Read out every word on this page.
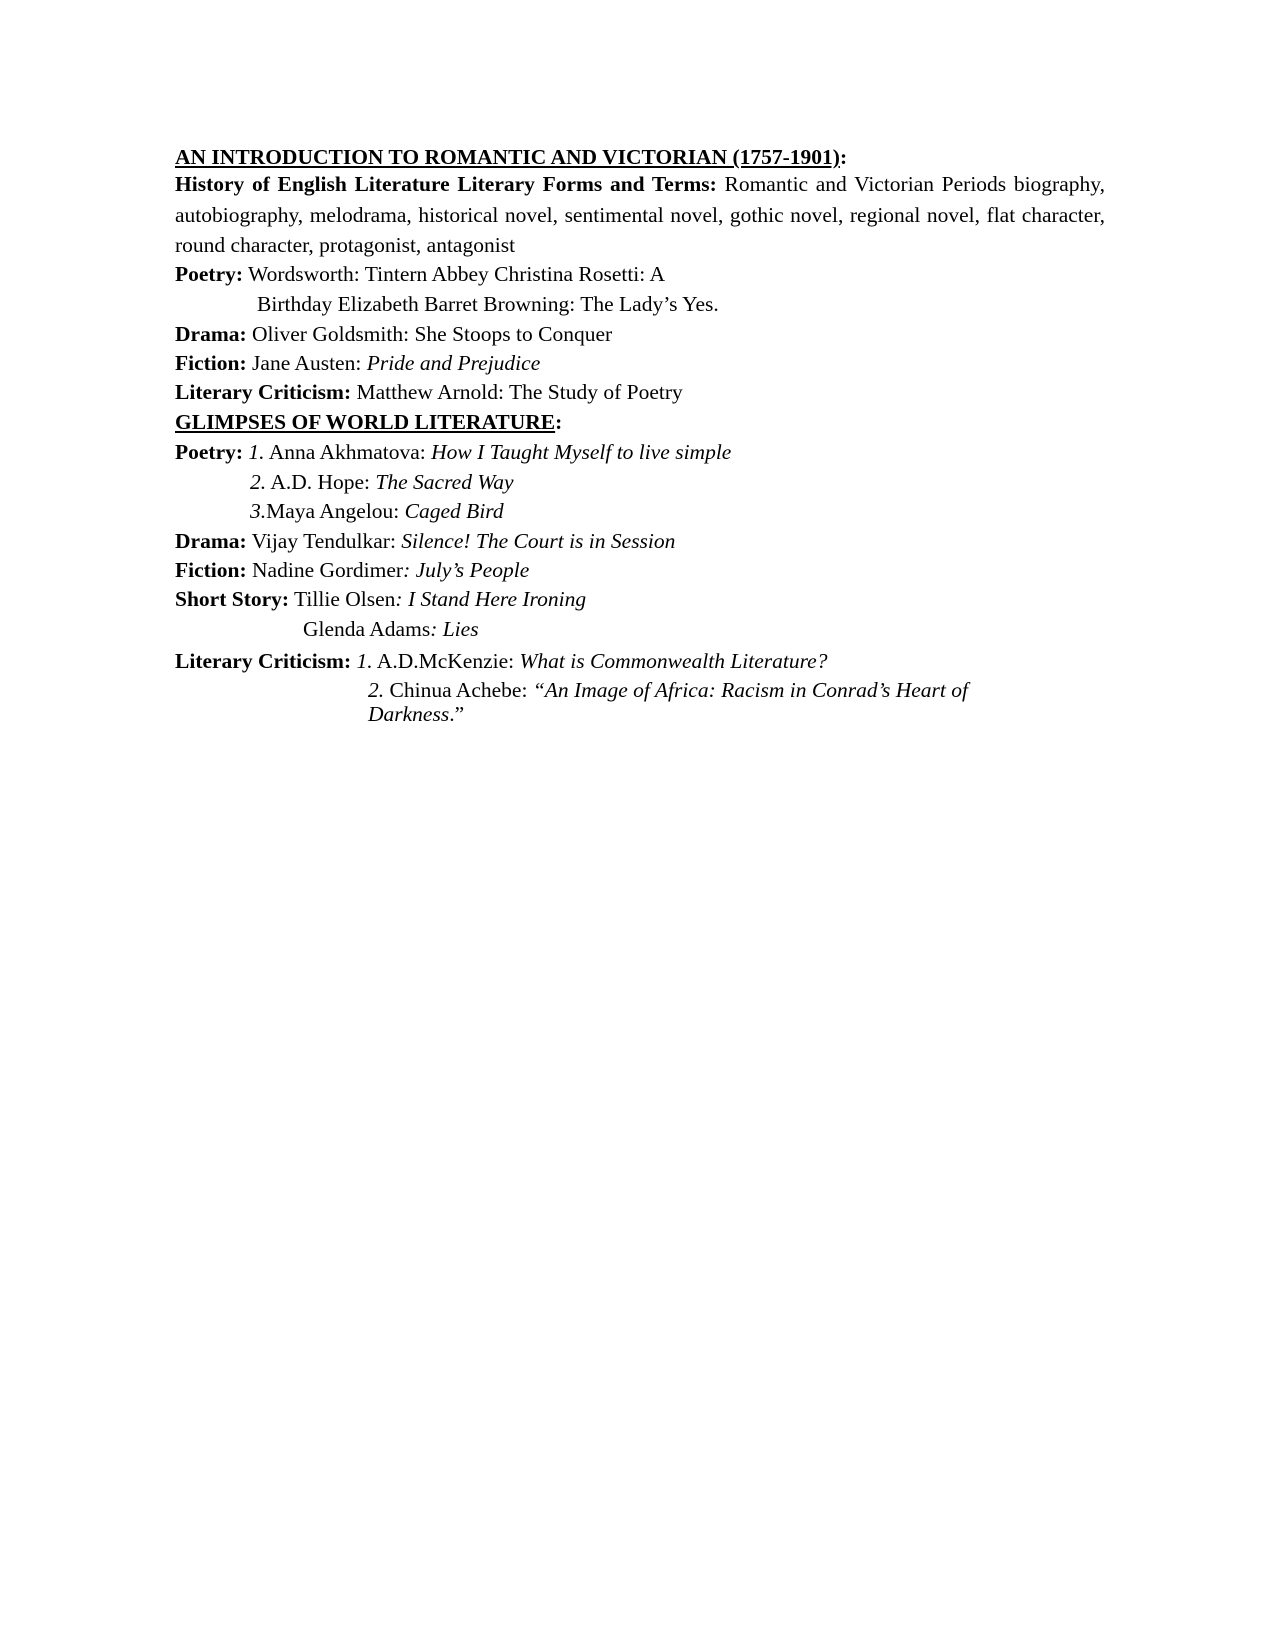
AN INTRODUCTION TO ROMANTIC AND VICTORIAN (1757-1901):
History of English Literature Literary Forms and Terms: Romantic and Victorian Periods biography, autobiography, melodrama, historical novel, sentimental novel, gothic novel, regional novel, flat character, round character, protagonist, antagonist
Poetry: Wordsworth: Tintern Abbey Christina Rosetti: A
Birthday Elizabeth Barret Browning: The Lady’s Yes.
Drama: Oliver Goldsmith: She Stoops to Conquer
Fiction: Jane Austen: Pride and Prejudice
Literary Criticism: Matthew Arnold: The Study of Poetry
GLIMPSES OF WORLD LITERATURE:
Poetry: 1. Anna Akhmatova: How I Taught Myself to live simple
2. A.D. Hope: The Sacred Way
3.Maya Angelou: Caged Bird
Drama: Vijay Tendulkar: Silence! The Court is in Session
Fiction: Nadine Gordimer: July’s People
Short Story: Tillie Olsen: I Stand Here Ironing
Glenda Adams: Lies
Literary Criticism: 1. A.D.McKenzie: What is Commonwealth Literature?
2. Chinua Achebe: “An Image of Africa: Racism in Conrad’s Heart of
Darkness.”
